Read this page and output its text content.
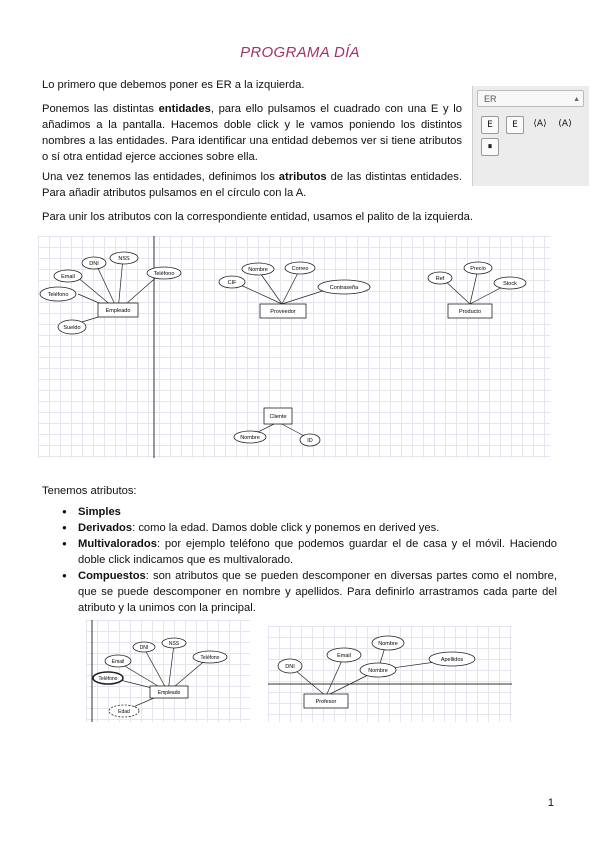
PROGRAMA DÍA
Lo primero que debemos poner es ER a la izquierda.
Ponemos las distintas entidades, para ello pulsamos el cuadrado con una E y lo añadimos a la pantalla. Hacemos doble click y le vamos poniendo los distintos nombres a las entidades. Para identificar una entidad debemos ver si tiene atributos o sí otra entidad ejerce acciones sobre ella.
Una vez tenemos las entidades, definimos los atributos de las distintas entidades. Para añadir atributos pulsamos en el círculo con la A.
Para unir los atributos con la correspondiente entidad, usamos el palito de la izquierda.
ER	▲

E	E	⟨A⟩ (A)
⏸
Empleado
Teléfono
Email
DNI
NSS
Teléfono
Sueldo
Proveedor
CIF
Nombre	Correo
Contraseña
Producto
Ref
Precio
Stock
Cliente
Nombre	ID
Tenemos atributos:
● Simples
● Derivados: como la edad. Damos doble click y ponemos en derived yes.
● Multivalorados: por ejemplo teléfono que podemos guardar el de casa y el móvil. Haciendo doble click indicamos que es multivalorado.
● Compuestos: son atributos que se pueden descomponer en diversas partes como el nombre, que se puede descomponer en nombre y apellidos. Para definirlo arrastramos cada parte del atributo y la unimos con la principal.
Empleado
Email
DNI
NSS
Teléfono
Teléfono
Edad
Profesor
DNI
Email
Nombre
Nombre
Apellidos
1
